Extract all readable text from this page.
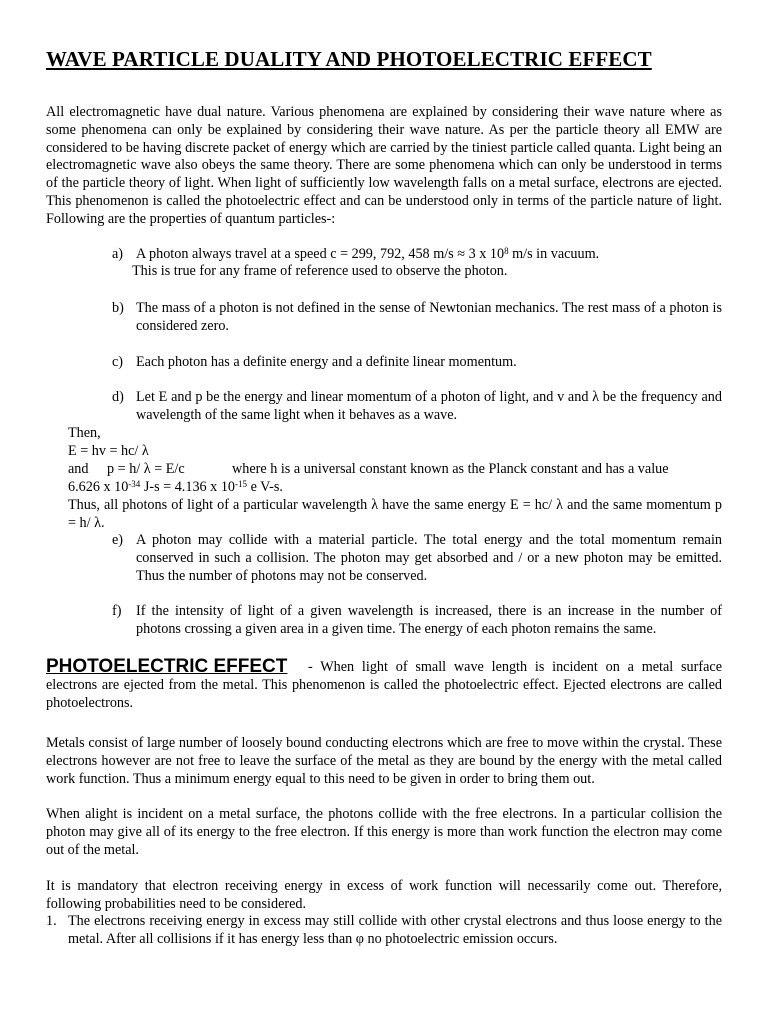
WAVE PARTICLE DUALITY AND PHOTOELECTRIC EFFECT

All electromagnetic have dual nature. Various phenomena are explained by considering their wave nature where as some phenomena can only be explained by considering their wave nature. As per the particle theory all EMW are considered to be having discrete packet of energy which are carried by the tiniest particle called quanta. Light being an electromagnetic wave also obeys the same theory. There are some phenomena which can only be understood in terms of the particle theory of light. When light of sufficiently low wavelength falls on a metal surface, electrons are ejected. This phenomenon is called the photoelectric effect and can be understood only in terms of the particle nature of light. Following are the properties of quantum particles-:

a) A photon always travel at a speed c = 299, 792, 458 m/s ≈ 3 x $10^8$ m/s in vacuum.

This is true for any frame of reference used to observe the photon.

b) The mass of a photon is not defined in the sense of Newtonian mechanics. The rest mass of a photon is considered zero.

c) Each photon has a definite energy and a definite linear momentum.

d) Let E and p be the energy and linear momentum of a photon of light, and v and λ be the frequency and wavelength of the same light when it behaves as a wave.

Then,

E = hv = hc/ λ

and p = h/ λ = E/c	where h is a universal constant known as the Planck constant and has a value

6.626 x $10^{-34}$ J-s = 4.136 x $10^{-15}$ e V-s.

Thus, all photons of light of a particular wavelength λ have the same energy E = hc/ λ and the same momentum p = h/ λ.

e) A photon may collide with a material particle. The total energy and the total momentum remain conserved in such a collision. The photon may get absorbed and / or a new photon may be emitted. Thus the number of photons may not be conserved.

f) If the intensity of light of a given wavelength is increased, there is an increase in the number of photons crossing a given area in a given time. The energy of each photon remains the same.

- When light of small wave length is incident on a metal surface electrons are ejected from the metal. This phenomenon is called the photoelectric effect. Ejected electrons are called photoelectrons.

PHOTOELECTRIC EFFECT

Metals consist of large number of loosely bound conducting electrons which are free to move within the crystal. These electrons however are not free to leave the surface of the metal as they are bound by the energy with the metal called work function. Thus a minimum energy equal to this need to be given in order to bring them out.

When alight is incident on a metal surface, the photons collide with the free electrons. In a particular collision the photon may give all of its energy to the free electron. If this energy is more than work function the electron may come out of the metal.

It is mandatory that electron receiving energy in excess of work function will necessarily come out. Therefore, following probabilities need to be considered.

1. The electrons receiving energy in excess may still collide with other crystal electrons and thus loose energy to the metal. After all collisions if it has energy less than φ no photoelectric emission occurs.
